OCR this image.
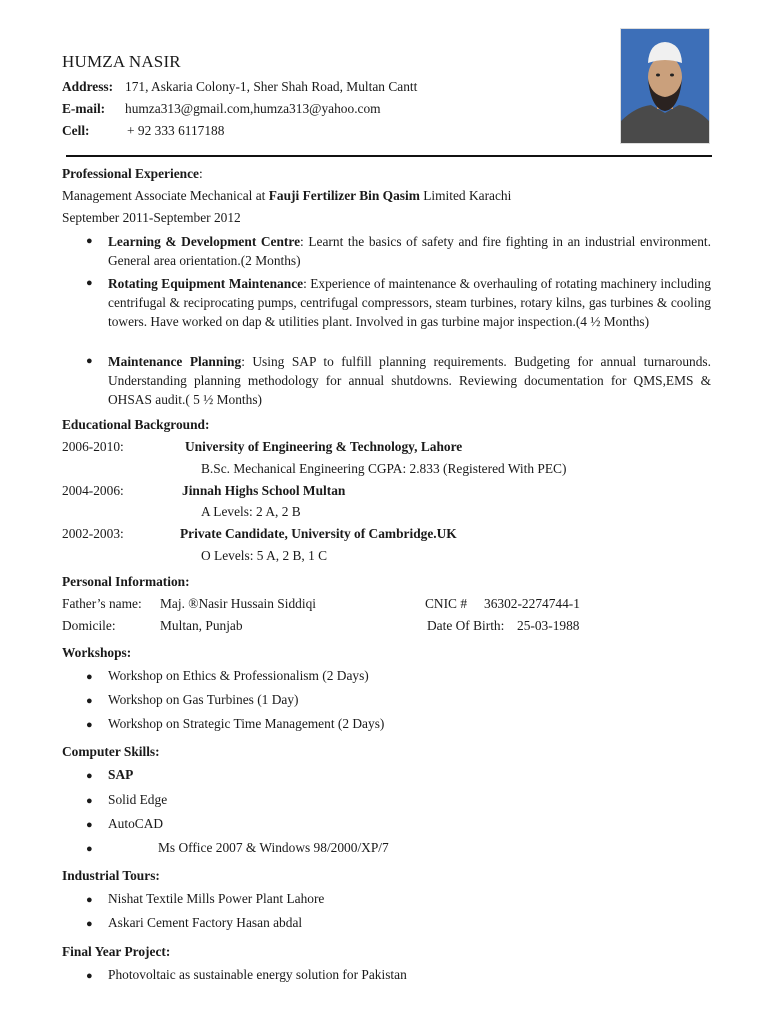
HUMZA NASIR
Address: 171, Askaria Colony-1, Sher Shah Road, Multan Cantt
E-mail: humza313@gmail.com,humza313@yahoo.com
Cell:	+ 92 333 6117188
Professional Experience:
Management Associate Mechanical at Fauji Fertilizer Bin Qasim Limited Karachi
September 2011-September 2012
● Learning & Development Centre: Learnt the basics of safety and fire fighting in an industrial environment. General area orientation.(2 Months)
● Rotating Equipment Maintenance: Experience of maintenance & overhauling of rotating machinery including centrifugal & reciprocating pumps, centrifugal compressors, steam turbines, rotary kilns, gas turbines & cooling towers. Have worked on dap & utilities plant. Involved in gas turbine major inspection.(4 ½ Months)
● Maintenance Planning: Using SAP to fulfill planning requirements. Budgeting for annual turnarounds. Understanding planning methodology for annual shutdowns. Reviewing documentation for QMS,EMS & OHSAS audit.( 5 ½ Months)
Educational Background:
2006-2010:	University of Engineering & Technology, Lahore
B.Sc. Mechanical Engineering CGPA: 2.833 (Registered With PEC)
2004-2006:	Jinnah Highs School Multan
A Levels: 2 A, 2 B
2002-2003:	Private Candidate, University of Cambridge.UK
O Levels: 5 A, 2 B, 1 C
Personal Information:
Father’s name: Maj. ®Nasir Hussain Siddiqi	CNIC # 36302-2274744-1
Domicile:	Multan, Punjab	Date Of Birth: 25-03-1988
Workshops:
● Workshop on Ethics & Professionalism (2 Days)
● Workshop on Gas Turbines (1 Day)
● Workshop on Strategic Time Management (2 Days)
Computer Skills:
● SAP
● Solid Edge
● AutoCAD
●	Ms Office 2007 & Windows 98/2000/XP/7
Industrial Tours:
● Nishat Textile Mills Power Plant Lahore
● Askari Cement Factory Hasan abdal
Final Year Project:
● Photovoltaic as sustainable energy solution for Pakistan
